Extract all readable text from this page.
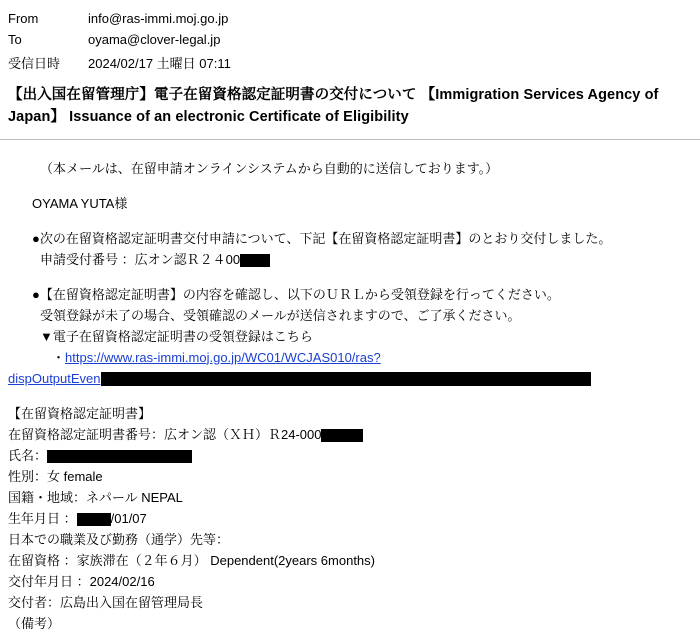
From	info@ras-immi.moj.go.jp
To	oyama@clover-legal.jp
受信日時	2024/02/17 土曜日 07:11
【出入国在留管理庁】電子在留資格認定証明書の交付について 【Immigration Services Agency of Japan】 Issuance of an electronic Certificate of Eligibility

（本メールは、在留申請オンラインシステムから自動的に送信しております。）

OYAMA YUTA様

●次の在留資格認定証明書交付申請について、下記【在留資格認定証明書】のとおり交付しました。

申請受付番号 ：広オン認Ｒ２４00

●【在留資格認定証明書】の内容を確認し、以下のＵＲＬから受領登録を行ってください。

受領登録が未了の場合、受領確認のメールが送信されますので、ご了承ください。

▼電子在留資格認定証明書の受領登録はこちら

・https://www.ras-immi.moj.go.jp/WC01/WCJAS010/ras?

dispOutputEven

【在留資格認定証明書】

在留資格認定証明書番号：広オン認（ＸＨ）Ｒ24-000

氏名：

性別：女 female

国籍・地域：ネパール NEPAL

生年月日 ：	/01/07

日本での職業及び勤務（通学）先等：

在留資格 ：家族滞在（２年６月） Dependent(2years 6months)

交付年月日 ：2024/02/16

交付者：広島出入国在留管理局長

（備考）
